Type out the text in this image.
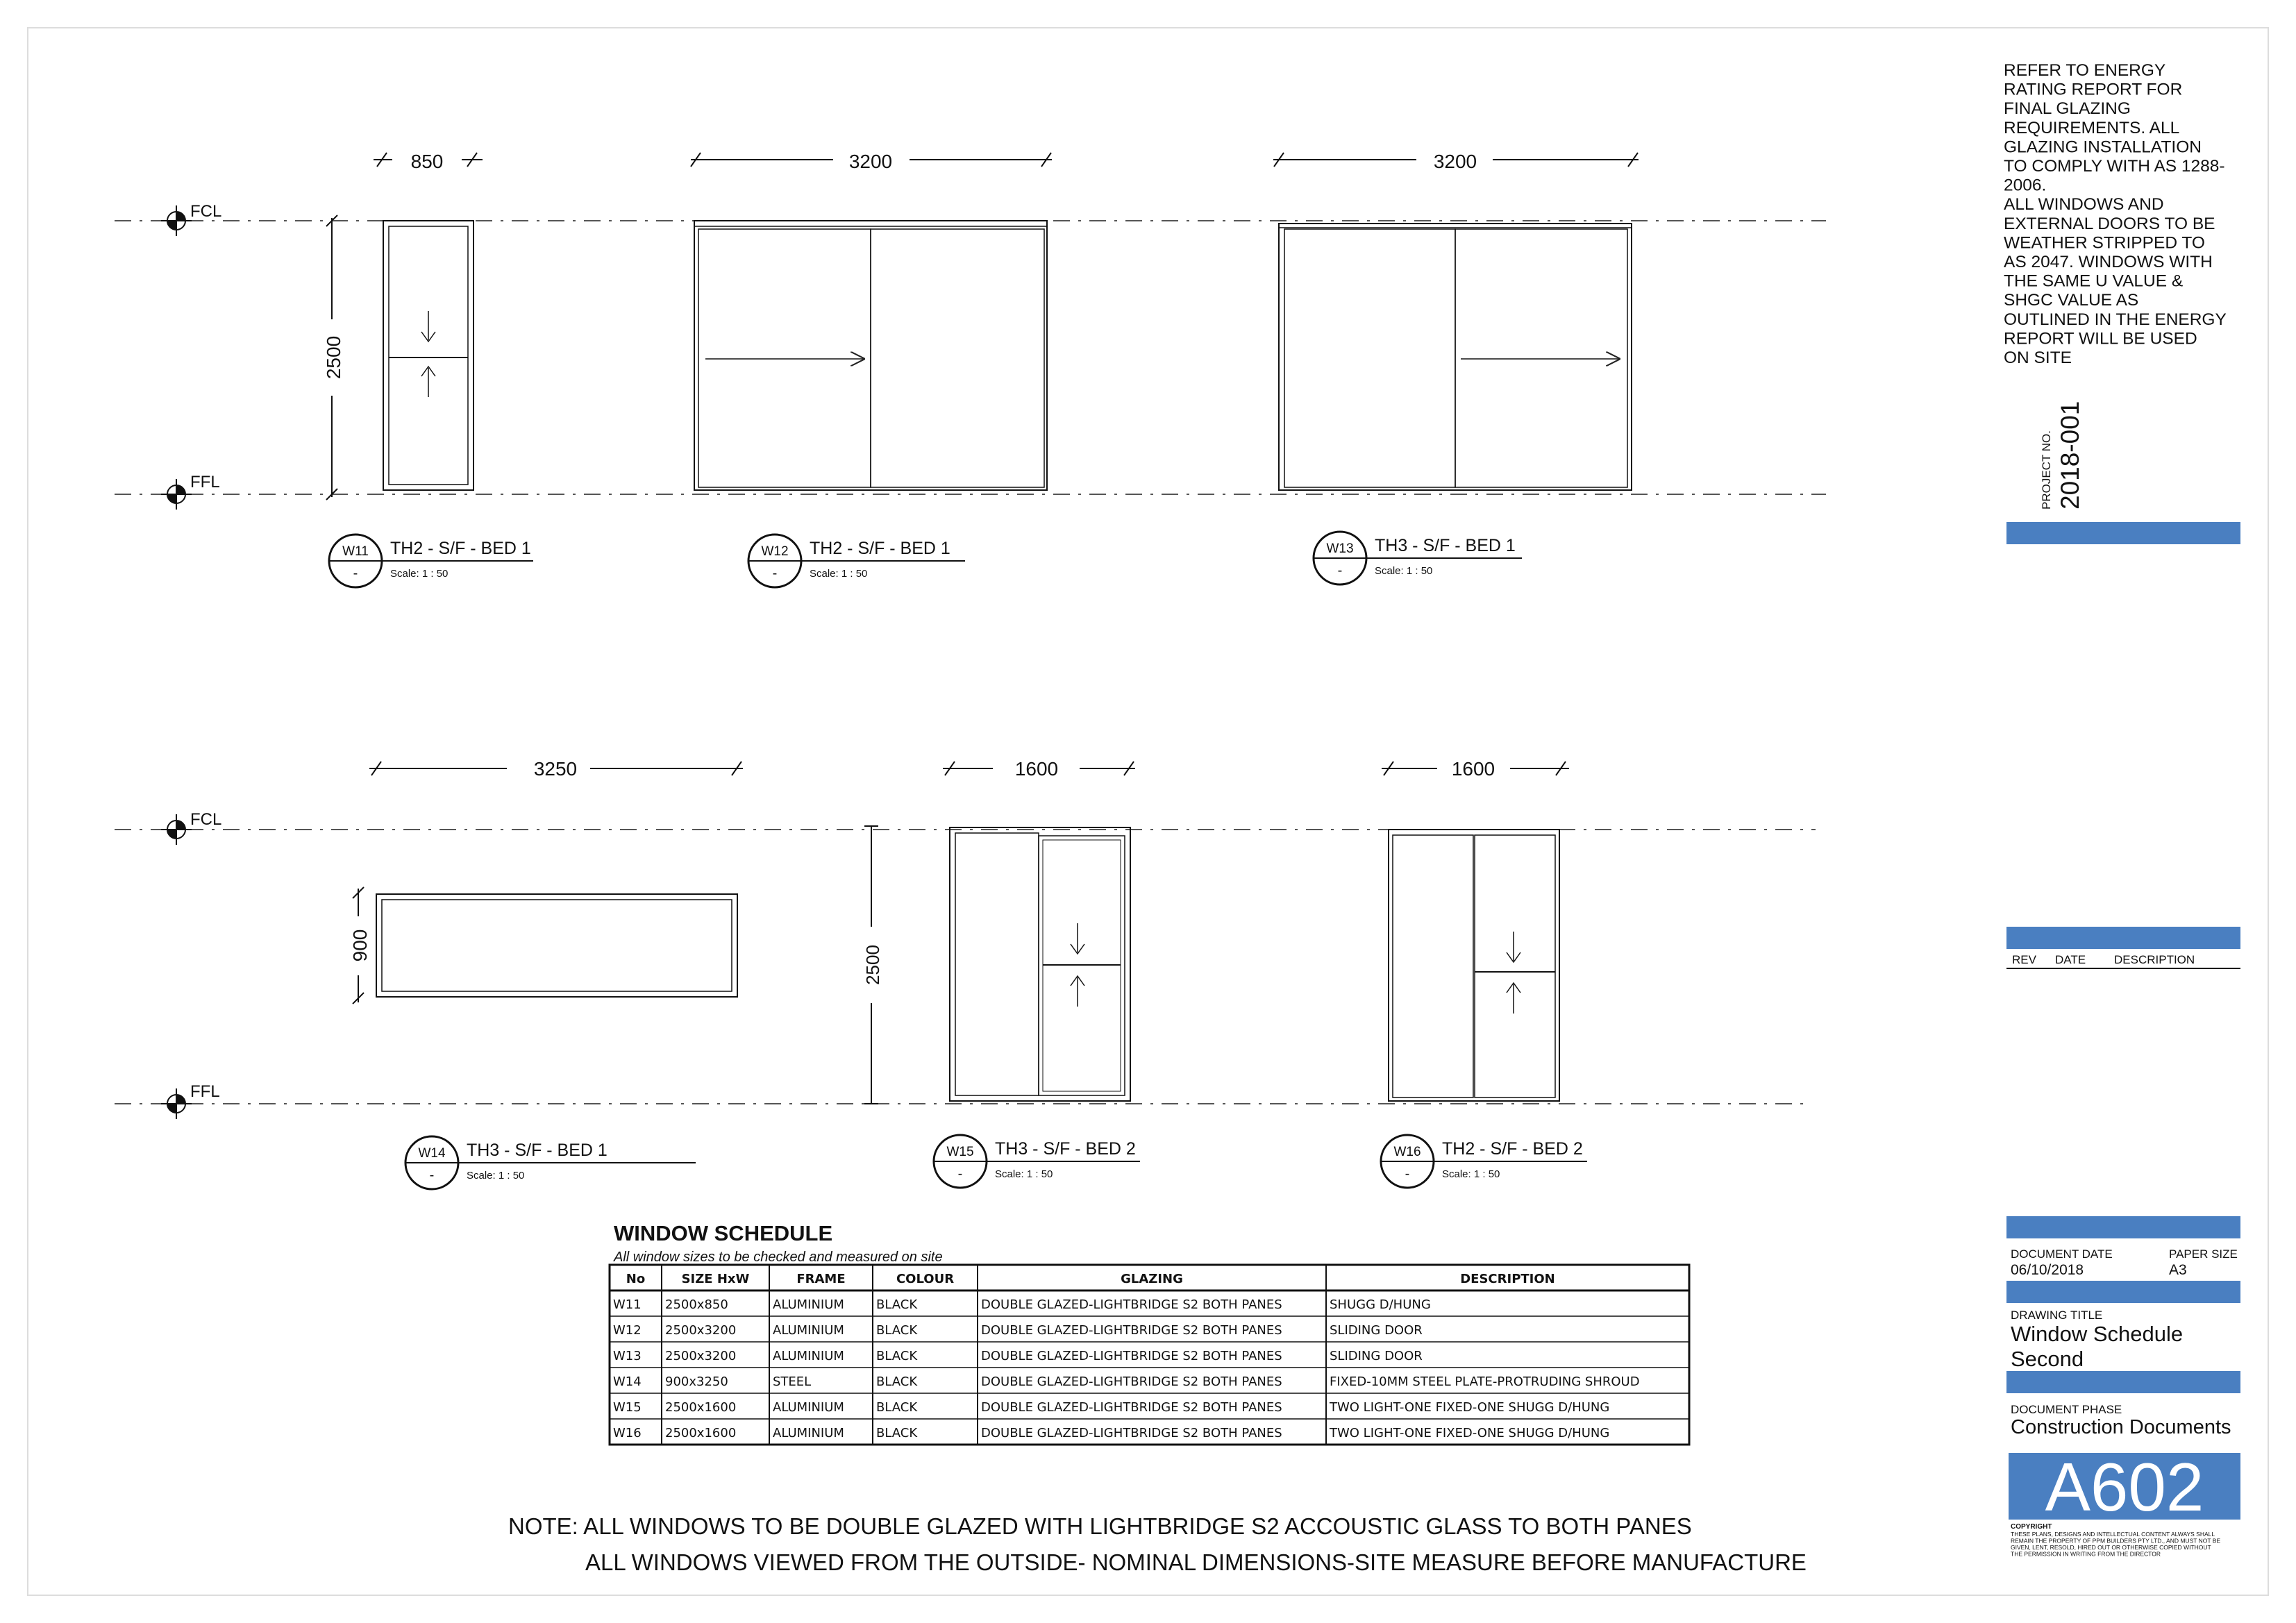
FCL
FFL
FCL
FFL
850
2500
3200	3200
3250
900
1600
2500
1600
W11
-
TH2 - S/F - BED 1
Scale: 1 : 50
W12
-
TH2 - S/F - BED 1
Scale: 1 : 50
W13
-
TH3 - S/F - BED 1
Scale: 1 : 50
W14
-
TH3 - S/F - BED 1
Scale: 1 : 50
W15
-
TH3 - S/F - BED 2
Scale: 1 : 50
W16
-
TH2 - S/F - BED 2
Scale: 1 : 50
WINDOW SCHEDULE
All window sizes to be checked and measured on site
No	SIZE HxW	FRAME	COLOUR	GLAZING	DESCRIPTION
W11 2500x850	ALUMINIUM	BLACK	DOUBLE GLAZED-LIGHTBRIDGE S2 BOTH PANES	SHUGG D/HUNG
W12 2500x3200	ALUMINIUM	BLACK	DOUBLE GLAZED-LIGHTBRIDGE S2 BOTH PANES	SLIDING DOOR
W13 2500x3200	ALUMINIUM	BLACK	DOUBLE GLAZED-LIGHTBRIDGE S2 BOTH PANES	SLIDING DOOR
W14 900x3250	STEEL	BLACK	DOUBLE GLAZED-LIGHTBRIDGE S2 BOTH PANES	FIXED-10MM STEEL PLATE-PROTRUDING SHROUD
W15 2500x1600	ALUMINIUM	BLACK	DOUBLE GLAZED-LIGHTBRIDGE S2 BOTH PANES	TWO LIGHT-ONE FIXED-ONE SHUGG D/HUNG
W16 2500x1600	ALUMINIUM	BLACK	DOUBLE GLAZED-LIGHTBRIDGE S2 BOTH PANES	TWO LIGHT-ONE FIXED-ONE SHUGG D/HUNG
NOTE: ALL WINDOWS TO BE DOUBLE GLAZED WITH LIGHTBRIDGE S2 ACCOUSTIC GLASS TO BOTH PANES
ALL WINDOWS VIEWED FROM THE OUTSIDE- NOMINAL DIMENSIONS-SITE MEASURE BEFORE MANUFACTURE
REFER TO ENERGY
RATING REPORT FOR
FINAL GLAZING
REQUIREMENTS. ALL
GLAZING INSTALLATION
TO COMPLY WITH AS 1288-
2006.
ALL WINDOWS AND
EXTERNAL DOORS TO BE
WEATHER STRIPPED TO
AS 2047. WINDOWS WITH
THE SAME U VALUE &
SHGC VALUE AS
OUTLINED IN THE ENERGY
REPORT WILL BE USED
ON SITE
PROJECT NO. 2018-001
REV DATE DESCRIPTION
DOCUMENT DATE
06/10/2018
PAPER SIZE
A3
DRAWING TITLE
Window Schedule
Second
DOCUMENT PHASE
Construction Documents
A602
COPYRIGHT
THESE PLANS, DESIGNS AND INTELLECTUAL CONTENT ALWAYS SHALL
REMAIN THE PROPERTY OF PPM BUILDERS PTY LTD., AND MUST NOT BE
GIVEN, LENT, RESOLD, HIRED OUT OR OTHERWISE COPIED WITHOUT
THE PERMISSION IN WRITING FROM THE DIRECTOR
